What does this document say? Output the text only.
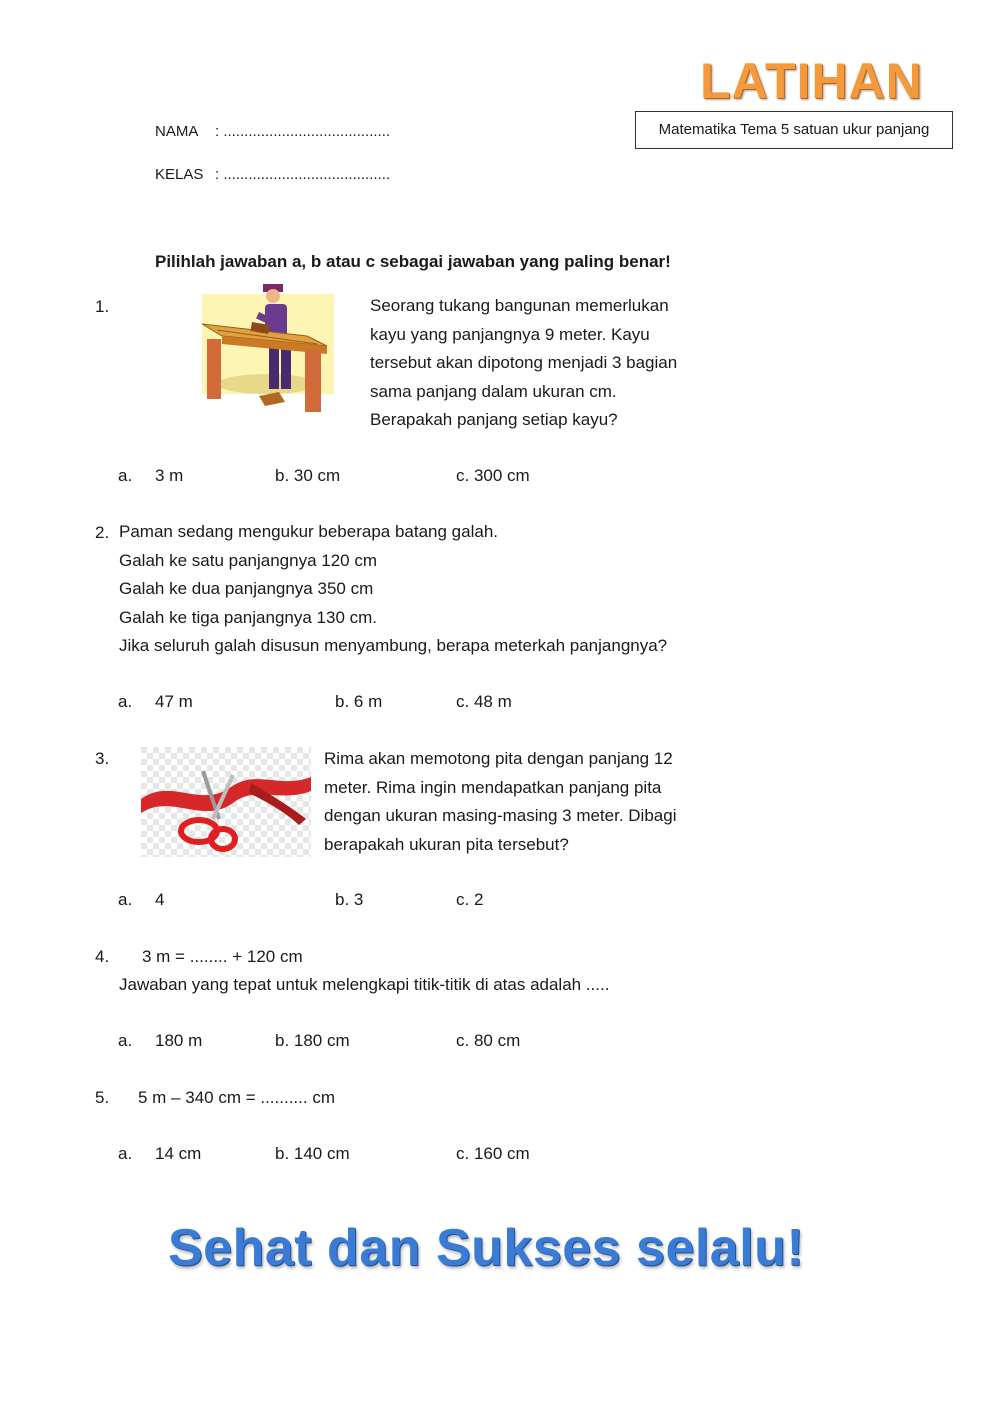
LATIHAN
Matematika Tema 5 satuan ukur panjang
NAMA : ........................................
KELAS : ........................................
Pilihlah jawaban a, b atau c sebagai jawaban yang paling benar!
1.	Seorang tukang bangunan memerlukan
kayu yang panjangnya 9 meter. Kayu
tersebut akan dipotong menjadi 3 bagian
sama panjang dalam ukuran cm.
Berapakah panjang setiap kayu?
a. 3 m	b. 30 cm	c. 300 cm
2. Paman sedang mengukur beberapa batang galah.
Galah ke satu panjangnya 120 cm
Galah ke dua panjangnya 350 cm
Galah ke tiga panjangnya 130 cm.
Jika seluruh galah disusun menyambung, berapa meterkah panjangnya?
a. 47 m	b. 6 m	c. 48 m
3.	Rima akan memotong pita dengan panjang 12
meter. Rima ingin mendapatkan panjang pita
dengan ukuran masing-masing 3 meter. Dibagi
berapakah ukuran pita tersebut?
a. 4	b. 3	c. 2
4. 3 m = ........ + 120 cm
Jawaban yang tepat untuk melengkapi titik-titik di atas adalah .....
a. 180 m	b. 180 cm	c. 80 cm
5. 5 m – 340 cm = .......... cm
a. 14 cm	b. 140 cm	c. 160 cm
Sehat dan Sukses selalu!
